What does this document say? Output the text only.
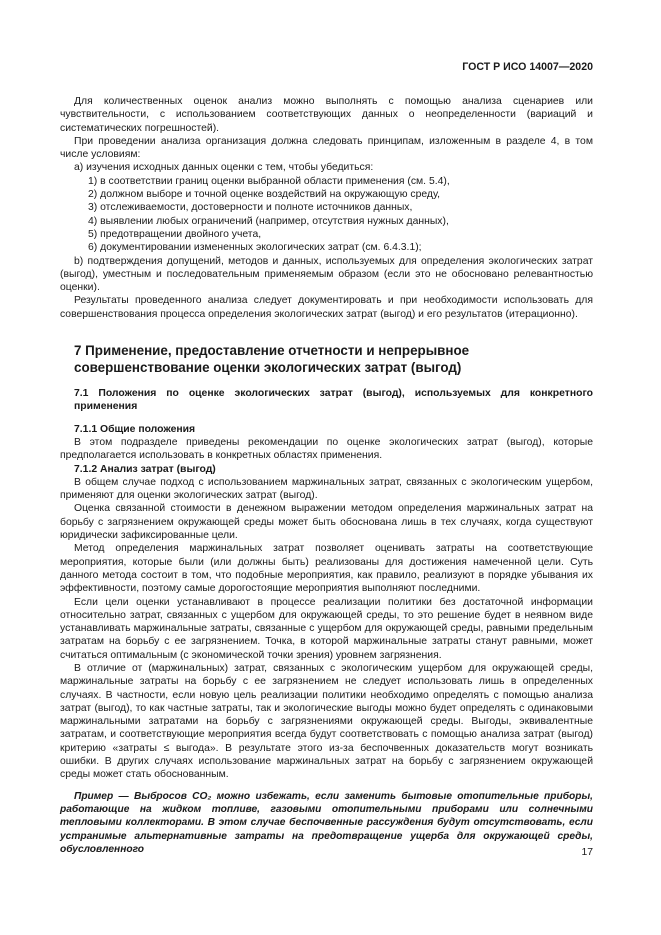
ГОСТ Р ИСО 14007—2020

Для количественных оценок анализ можно выполнять с помощью анализа сценариев или чувствительности, с использованием соответствующих данных о неопределенности (вариаций и систематических погрешностей).

При проведении анализа организация должна следовать принципам, изложенным в разделе 4, в том числе условиям:

а) изучения исходных данных оценки с тем, чтобы убедиться:

1) в соответствии границ оценки выбранной области применения (см. 5.4),

2) должном выборе и точной оценке воздействий на окружающую среду,

3) отслеживаемости, достоверности и полноте источников данных,

4) выявлении любых ограничений (например, отсутствия нужных данных),

5) предотвращении двойного учета,

6) документировании измененных экологических затрат (см. 6.4.3.1);

b) подтверждения допущений, методов и данных, используемых для определения экологических затрат (выгод), уместным и последовательным применяемым образом (если это не обосновано релевантностью оценки).

Результаты проведенного анализа следует документировать и при необходимости использовать для совершенствования процесса определения экологических затрат (выгод) и его результатов (итерационно).

7 Применение, предоставление отчетности и непрерывное
совершенствование оценки экологических затрат (выгод)

7.1 Положения по оценке экологических затрат (выгод), используемых для конкретного применения

7.1.1 Общие положения

В этом подразделе приведены рекомендации по оценке экологических затрат (выгод), которые предполагается использовать в конкретных областях применения.

7.1.2 Анализ затрат (выгод)

В общем случае подход с использованием маржинальных затрат, связанных с экологическим ущербом, применяют для оценки экологических затрат (выгод).

Оценка связанной стоимости в денежном выражении методом определения маржинальных затрат на борьбу с загрязнением окружающей среды может быть обоснована лишь в тех случаях, когда существуют юридически зафиксированные цели.

Метод определения маржинальных затрат позволяет оценивать затраты на соответствующие мероприятия, которые были (или должны быть) реализованы для достижения намеченной цели. Суть данного метода состоит в том, что подобные мероприятия, как правило, реализуют в порядке убывания их эффективности, поэтому самые дорогостоящие мероприятия выполняют последними.

Если цели оценки устанавливают в процессе реализации политики без достаточной информации относительно затрат, связанных с ущербом для окружающей среды, то это решение будет в неявном виде устанавливать маржинальные затраты, связанные с ущербом для окружающей среды, равными предельным затратам на борьбу с ее загрязнением. Точка, в которой маржинальные затраты станут равными, может считаться оптимальным (с экономической точки зрения) уровнем загрязнения.

В отличие от (маржинальных) затрат, связанных с экологическим ущербом для окружающей среды, маржинальные затраты на борьбу с ее загрязнением не следует использовать лишь в определенных случаях. В частности, если новую цель реализации политики необходимо определять с помощью анализа затрат (выгод), то как частные затраты, так и экологические выгоды можно будет определять с одинаковыми маржинальными затратами на борьбу с загрязнениями окружающей среды. Выгоды, эквивалентные затратам, и соответствующие мероприятия всегда будут соответствовать с помощью анализа затрат (выгод) критерию «затраты ≤ выгода». В результате этого из-за беспочвенных доказательств могут возникать ошибки. В других случаях использование маржинальных затрат на борьбу с загрязнением окружающей среды может стать обоснованным.

Пример — Выбросов CO₂ можно избежать, если заменить бытовые отопительные приборы, работающие на жидком топливе, газовыми отопительными приборами или солнечными тепловыми коллекторами. В этом случае беспочвенные рассуждения будут отсутствовать, если устранимые альтернативные затраты на предотвращение ущерба для окружающей среды, обусловленного	17
